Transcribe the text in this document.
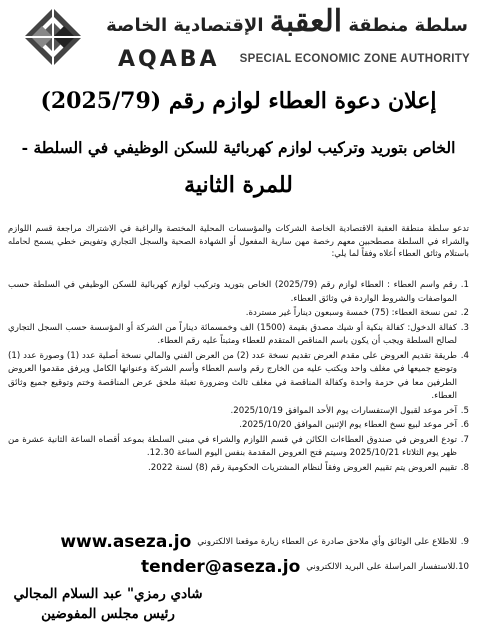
سلطة منطقة العقبة الإقتصادية الخاصة
AQABA SPECIAL ECONOMIC ZONE AUTHORITY
إعلان دعوة العطاء لوازم رقم (2025/79)
الخاص بتوريد وتركيب لوازم كهربائية للسكن الوظيفي في السلطة -
للمرة الثانية

تدعو سلطة منطقة العقبة الاقتصادية الخاصة الشركات والمؤسسات المحلية المختصة والراغبة في الاشتراك مراجعة قسم اللوازم والشراء في السلطة مصطحبين معهم رخصة مهن سارية المفعول أو الشهادة الصحية والسجل التجاري وتفويض خطي يسمح لحامله باستلام وثائق العطاء أعلاه وفقاً لما يلي:

1.
رقم واسم العطاء : العطاء لوازم رقم (2025/79) الخاص بتوريد وتركيب لوازم كهربائية للسكن الوظيفي في السلطة حسب المواصفات والشروط الواردة في وثائق العطاء.
2.
ثمن نسخة العطاء: (75) خمسة وسبعون ديناراً غير مستردة.
3.
كفالة الدخول: كفالة بنكية أو شيك مصدق بقيمة (1500) الف وخمسمائة ديناراً من الشركة أو المؤسسة حسب السجل التجاري لصالح السلطة ويجب أن يكون باسم المناقص المتقدم للعطاء ومثبتاً عليه رقم العطاء.
4.
طريقة تقديم العروض على مقدم العرض تقديم نسخة عدد (2) من العرض الفني والمالي نسخة أصلية عدد (1) وصورة عدد (1) وتوضع جميعها في مغلف واحد ويكتب عليه من الخارج رقم واسم العطاء وأسم الشركة وعنوانها الكامل ويرفق مقدموا العروض الطرفين معا في حزمة واحدة وكفالة المناقصة في مغلف ثالث وضرورة تعبئة ملحق عرض المناقصة وختم وتوقيع جميع وثائق العطاء.
5.
آخر موعد لقبول الإستفسارات يوم الأحد الموافق 2025/10/19.
6.
آخر موعد لبيع نسخ العطاء يوم الإثنين الموافق 2025/10/20.
7.
تودع العروض في صندوق العطاءات الكائن في قسم اللوازم والشراء في مبنى السلطة بموعد أقصاه الساعة الثانية عشرة من ظهر يوم الثلاثاء 2025/10/21 وسيتم فتح العروض المقدمة بنفس اليوم الساعة 12.30.
8.
تقييم العروض يتم تقييم العروض وفقاً لنظام المشتريات الحكومية رقم (8) لسنة 2022.
9.
للاطلاع على الوثائق وأي ملاحق صادرة عن العطاء زيارة موقعنا الالكتروني
www.aseza.jo
10.
للاستفسار المراسلة على البريد الالكتروني
tender@aseza.jo
شادي رمزي" عبد السلام المجالي
رئيس مجلس المفوضين
